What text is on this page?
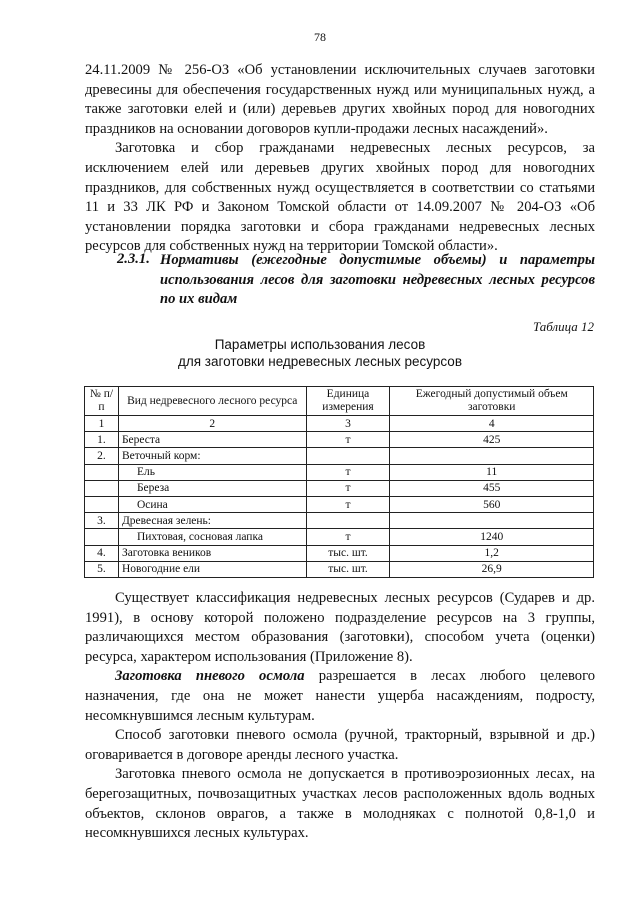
78

24.11.2009 № 256-ОЗ «Об установлении исключительных случаев заготовки древесины для обеспечения государственных нужд или муниципальных нужд, а также заготовки елей и (или) деревьев других хвойных пород для новогодних праздников на основании договоров купли-продажи лесных насаждений».

Заготовка и сбор гражданами недревесных лесных ресурсов, за исключением елей или деревьев других хвойных пород для новогодних праздников, для собственных нужд осуществляется в соответствии со статьями 11 и 33 ЛК РФ и Законом Томской области от 14.09.2007 № 204-ОЗ «Об установлении порядка заготовки и сбора гражданами недревесных лесных ресурсов для собственных нужд на территории Томской области».

2.3.1. Нормативы (ежегодные допустимые объемы) и параметры использования лесов для заготовки недревесных лесных ресурсов по их видам
Таблица 12
Параметры использования лесов
для заготовки недревесных лесных ресурсов
№ п/п	Вид недревесного лесного ресурса	Единица измерения	Ежегодный допустимый объем заготовки
1	2	3	4
1.	Береста	т	425
2.	Веточный корм:		
	Ель	т	11
	Береза	т	455
	Осина	т	560
3.	Древесная зелень:		
	Пихтовая, сосновая лапка	т	1240
4.	Заготовка веников	тыс. шт.	1,2
5.	Новогодние ели	тыс. шт.	26,9

Существует классификация недревесных лесных ресурсов (Сударев и др. 1991), в основу которой положено подразделение ресурсов на 3 группы, различающихся местом образования (заготовки), способом учета (оценки) ресурса, характером использования (Приложение 8).

Заготовка пневого осмола разрешается в лесах любого целевого назначения, где она не может нанести ущерба насаждениям, подросту, несомкнувшимся лесным культурам.

Способ заготовки пневого осмола (ручной, тракторный, взрывной и др.) оговаривается в договоре аренды лесного участка.

Заготовка пневого осмола не допускается в противоэрозионных лесах, на берегозащитных, почвозащитных участках лесов расположенных вдоль водных объектов, склонов оврагов, а также в молодняках с полнотой 0,8-1,0 и несомкнувшихся лесных культурах.
